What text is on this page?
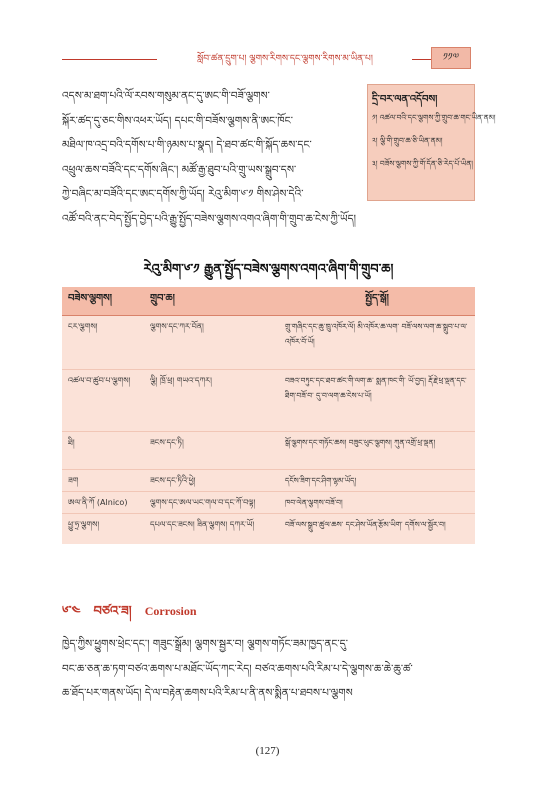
སློབ་ཚན་དྲུག་པ། ལྕགས་རིགས་དང་ལྕགས་རིགས་མ་ཡིན་པ།	༡༡༧
འདས་མ་ཐག་པའི་ལོ་རབས་གསུམ་ནང་དུ་ཨང་གི་བཟོ་ལྕགས་
སྐོར་ཚད་དུ་ཅང་གིས་འཕར་ཡོད། དཔང་གི་བཟོས་ལྕགས་ནི་ཨང་ཁོང་
མཐིལ་ཁ་འདྲ་བའི་དགོས་པ་གི་ཉམས་པ་སྣད། དེ་ཐབ་ཚང་གི་སྐོད་ཆས་དང་
འཕྲུལ་ཆས་བཟོའི་དང་དགོས་ཞིང་། མཚོ་རྒྱ་ཐུབ་པའི་གྲུ་ཡས་སྒྲུབ་དས་
ཀྱེ་བཞིང་མ་བཟོའི་དང་ཨང་དགོས་ཀྱི་ཡོད། རེའུ་མིག་༦་༡ གིས་ཤེས་དེའི་
འཚོ་བའི་ནང་བེད་སྤྱོད་བྱེད་པའི་རྒྱུ་སྤྱོད་བཟེས་ལྕགས་འགའ་ཞིག་གི་གྲུབ་ཆ་ངེས་ཀྱི་ཡོད།
དྲི་བར་ལན་འདོབས།
༡། འཚལ་བའི་དང་ལྕགས་ཀྱི་གྲུབ་ཆ་གང་ཡིན་ནམ།
༢། ལྕི་གི་གྲུབ་ཆ་ཅི་ཡིན་ནམ།
༣། བཟོས་ལྕགས་ཀྱི་གོ་དོན་ཅི་རེད་པོ་ཡིན།
རེའུ་མིག་༦་༡ རྒྱུན་སྤྱོད་བཟེས་ལྕགས་འགའ་ཞིག་གི་གྲུབ་ཆ།
བཟེས་ལྕགས།	གྲུབ་ཆ།	སྤྱོད་སྒོ།
ངར་ལྕགས།	ལྕགས་དང་ཀར་བོན།	གྲུ་གཞིང་དང་ཆུ་ཁྲུ་འཁོར་ལོ། མི་འཁོར་ཆ་ལག་ བཟོ་ལས་ལག་ཆ་སྒྲུབ་པ་ལ་འཁོར་བོ་ཡོ།
འཚལ་བ་ཚུབ་པ་ལྕགས།	ལྕི། ཁྲོ་ཕྲ། གཡའ་དཀར།	བཟའ་བཏུང་དང་ཐབ་ཚང་གི་ལག་ཆ་ སྨན་ཁང་གི་ ཡོ་བྱད། རྡོ་རྗེ་ཕྲ་ལྡན་དང་ཐིག་བཟོ་བ་ དུ་བ་ལག་ཆ་ངེས་པ་ཡོ།
ཐི།	ཟངས་དང་ཏི།	སྒོ་ལྕགས་དང་གཏོང་ཆས། བཟུང་ཕུང་ལྕགས། ཀུན་འགྲོ་ཕྲ་ལྡན།
ཟག	ཟངས་དང་ཏིའི་ཕྱེ།	དངོས་ཟིག་དང་ཤིག་ལྷམ་ཡོད།
ཨལ་ནི་ཀོ (Alnico)	ལྕགས་དང་ཨལ་ཡང་གལ་བ་དང་ཀོ་བལྟ།	ཁབ་ལེན་ལྕགས་བཟོ་བ།
ཕྱུ་ཧྲ་ལྕགས།	དཔལ་དང་ཟངས། ཟིན་ལྕགས། དཀར་ཡོ།	བཟོ་ལས་སྒྲུབ་ཚུལ་ཆས་ དང་ཤེས་ཡོན་རྩོམ་ཡིག་ དགོས་ལ་སྦྱོར་བ།
༦་༤ བཙའ་ཟ། Corrosion
ཁྱེད་ཀྱིས་ཕྱུགས་ཕྲེང་དང་། གཟུང་སྒྲོམ། ལྕགས་སྦྱར་བ། ལྕགས་གཏོང་ཟམ་ཁྱད་ནང་དུ་
བང་ཆ་ཅན་ཆ་ཏག་བཙའ་ཆགས་པ་མཐོང་ཡོད་ཀང་རེད། བཙའ་ཆགས་པའི་རིམ་པ་དེ་ལྕགས་ཆ་ཆེ་ཆུ་ཚ་
ཆ་ཐོད་པར་གནས་ཡོད། དེ་ལ་བརྟེན་ཆགས་པའི་རིམ་པ་ནི་ནས་སྨིན་པ་ཐབས་པ་ལྕགས
(127)
